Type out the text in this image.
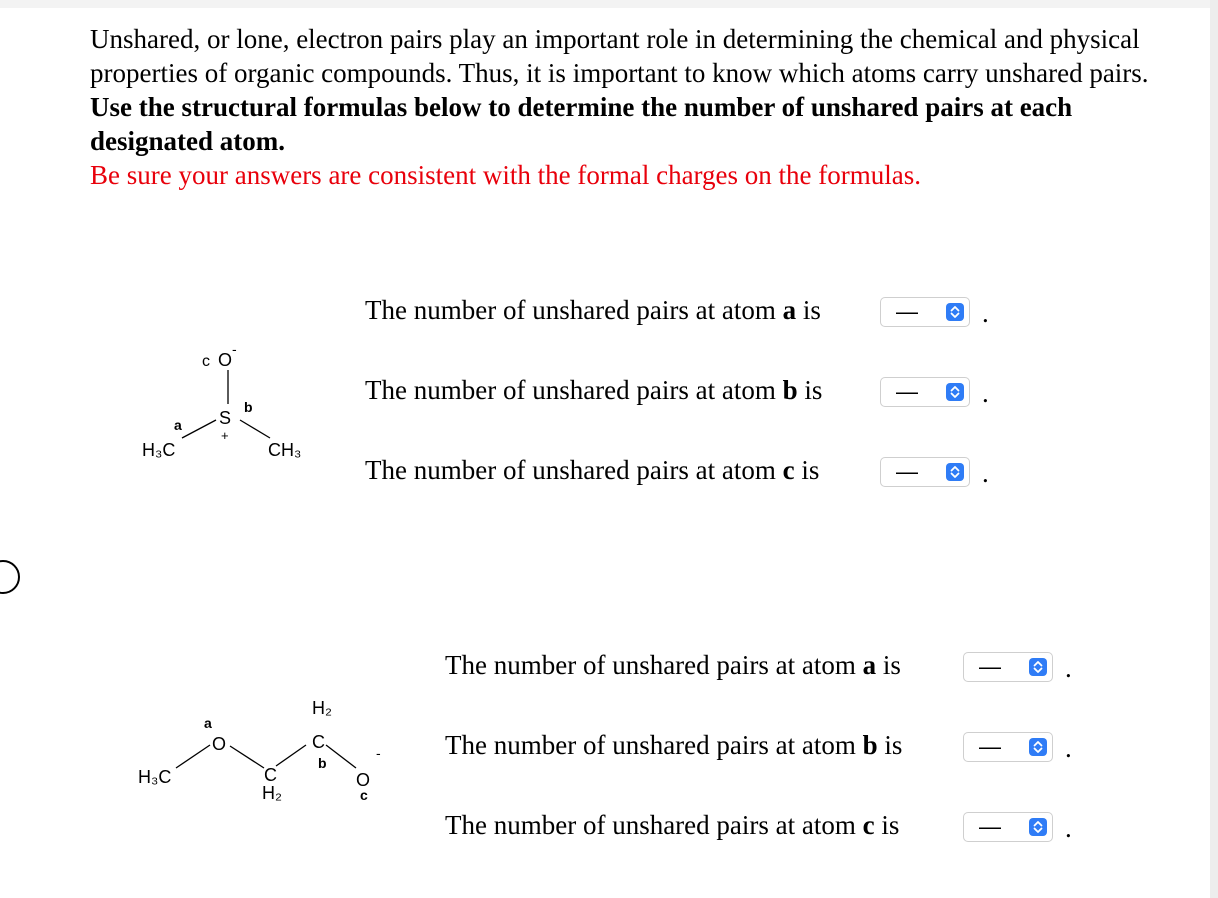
Unshared, or lone, electron pairs play an important role in determining the chemical and physical properties of organic compounds. Thus, it is important to know which atoms carry unshared pairs.

Use the structural formulas below to determine the number of unshared pairs at each designated atom.

Be sure your answers are consistent with the formal charges on the formulas.

c O
-
b
S
+
a
H₃C	CH₃
The number of unshared pairs at atom a is	— .
The number of unshared pairs at atom b is	— .
The number of unshared pairs at atom c is	— .
H₃C
a
O
C
H₂
H₂
C
b
O
-
c
The number of unshared pairs at atom a is	— .
The number of unshared pairs at atom b is	— .
The number of unshared pairs at atom c is	— .
